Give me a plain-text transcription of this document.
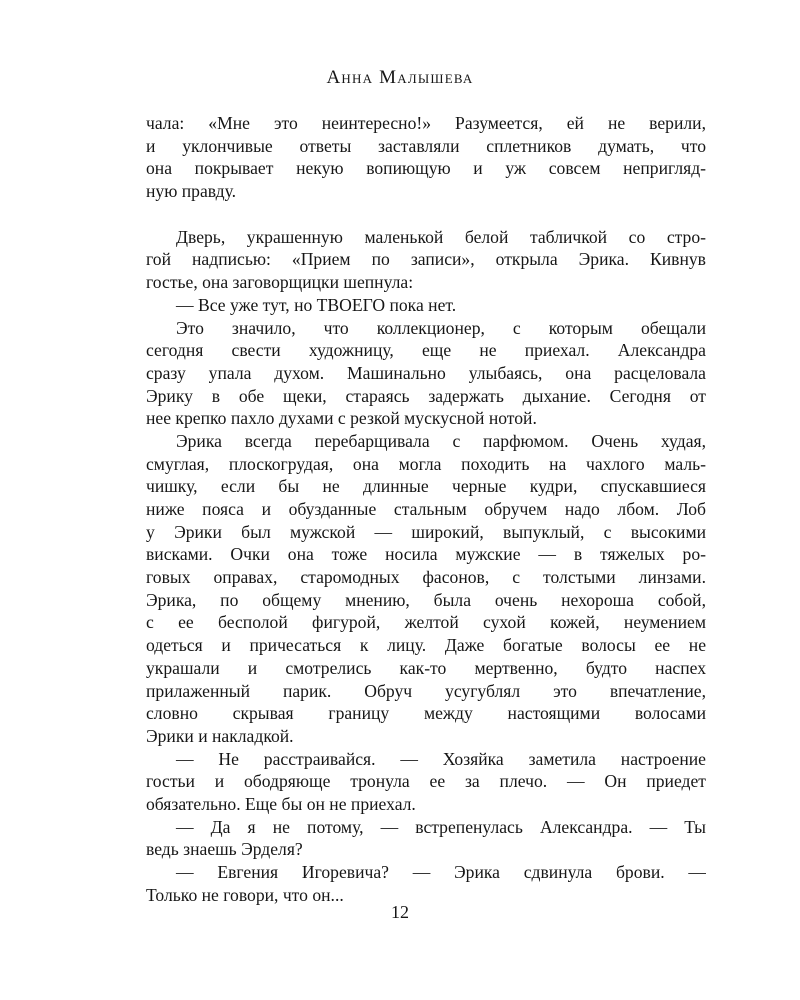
Анна Малышева
чала: «Мне это неинтересно!» Разумеется, ей не верили,
и уклончивые ответы заставляли сплетников думать, что
она покрывает некую вопиющую и уж совсем непригляд-
ную правду.
Дверь, украшенную маленькой белой табличкой со стро-
гой надписью: «Прием по записи», открыла Эрика. Кивнув
гостье, она заговорщицки шепнула:
— Все уже тут, но ТВОЕГО пока нет.
Это значило, что коллекционер, с которым обещали
сегодня свести художницу, еще не приехал. Александра
сразу упала духом. Машинально улыбаясь, она расцеловала
Эрику в обе щеки, стараясь задержать дыхание. Сегодня от
нее крепко пахло духами с резкой мускусной нотой.
Эрика всегда перебарщивала с парфюмом. Очень худая,
смуглая, плоскогрудая, она могла походить на чахлого маль-
чишку, если бы не длинные черные кудри, спускавшиеся
ниже пояса и обузданные стальным обручем надо лбом. Лоб
у Эрики был мужской — широкий, выпуклый, с высокими
висками. Очки она тоже носила мужские — в тяжелых ро-
говых оправах, старомодных фасонов, с толстыми линзами.
Эрика, по общему мнению, была очень нехороша собой,
с ее бесполой фигурой, желтой сухой кожей, неумением
одеться и причесаться к лицу. Даже богатые волосы ее не
украшали и смотрелись как-то мертвенно, будто наспех
прилаженный парик. Обруч усугублял это впечатление,
словно скрывая границу между настоящими волосами
Эрики и накладкой.
— Не расстраивайся. — Хозяйка заметила настроение
гостьи и ободряюще тронула ее за плечо. — Он приедет
обязательно. Еще бы он не приехал.
— Да я не потому, — встрепенулась Александра. — Ты
ведь знаешь Эрделя?
— Евгения Игоревича? — Эрика сдвинула брови. —
Только не говори, что он...
12
